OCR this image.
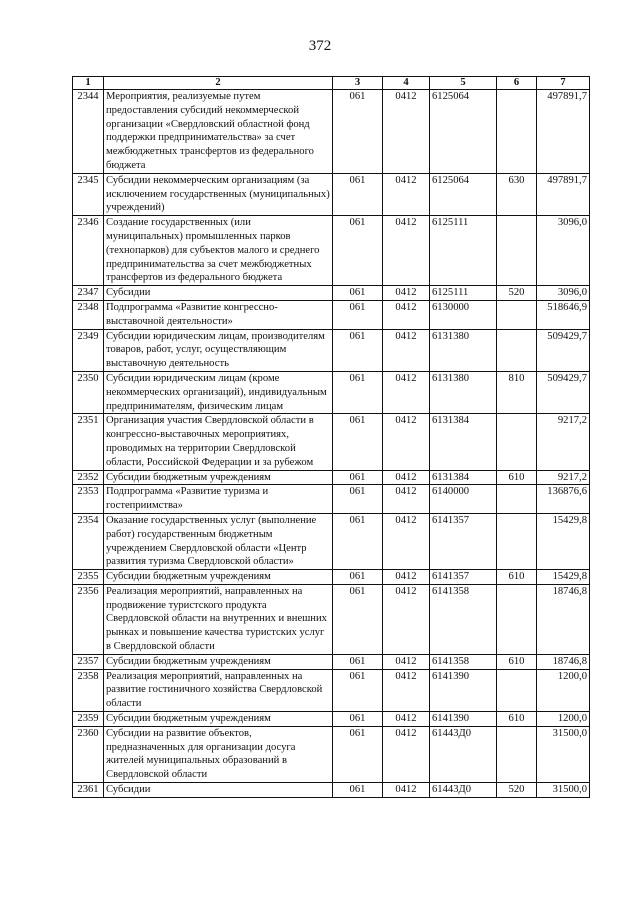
372
1	2	3	4	5	6	7
2344	Мероприятия, реализуемые путем предоставления субсидий некоммерческой организации «Свердловский областной фонд поддержки предпринимательства» за счет межбюджетных трансфертов из федерального бюджета	061	0412	6125064		497891,7
2345	Субсидии некоммерческим организациям (за исключением государственных (муниципальных) учреждений)	061	0412	6125064	630	497891,7
2346	Создание государственных (или муниципальных) промышленных парков (технопарков) для субъектов малого и среднего предпринимательства за счет межбюджетных трансфертов из федерального бюджета	061	0412	6125111		3096,0
2347	Субсидии	061	0412	6125111	520	3096,0
2348	Подпрограмма «Развитие конгрессно-выставочной деятельности»	061	0412	6130000		518646,9
2349	Субсидии юридическим лицам, производителям товаров, работ, услуг, осуществляющим выставочную деятельность	061	0412	6131380		509429,7
2350	Субсидии юридическим лицам (кроме некоммерческих организаций), индивидуальным предпринимателям, физическим лицам	061	0412	6131380	810	509429,7
2351	Организация участия Свердловской области в конгрессно-выставочных мероприятиях, проводимых на территории Свердловской области, Российской Федерации и за рубежом	061	0412	6131384		9217,2
2352	Субсидии бюджетным учреждениям	061	0412	6131384	610	9217,2
2353	Подпрограмма «Развитие туризма и гостеприимства»	061	0412	6140000		136876,6
2354	Оказание государственных услуг (выполнение работ) государственным бюджетным учреждением Свердловской области «Центр развития туризма Свердловской области»	061	0412	6141357		15429,8
2355	Субсидии бюджетным учреждениям	061	0412	6141357	610	15429,8
2356	Реализация мероприятий, направленных на продвижение туристского продукта Свердловской области на внутренних и внешних рынках и повышение качества туристских услуг в Свердловской области	061	0412	6141358		18746,8
2357	Субсидии бюджетным учреждениям	061	0412	6141358	610	18746,8
2358	Реализация мероприятий, направленных на развитие гостиничного хозяйства Свердловской области	061	0412	6141390		1200,0
2359	Субсидии бюджетным учреждениям	061	0412	6141390	610	1200,0
2360	Субсидии на развитие объектов, предназначенных для организации досуга жителей муниципальных образований в Свердловской области	061	0412	61443Д0		31500,0
2361	Субсидии	061	0412	61443Д0	520	31500,0
